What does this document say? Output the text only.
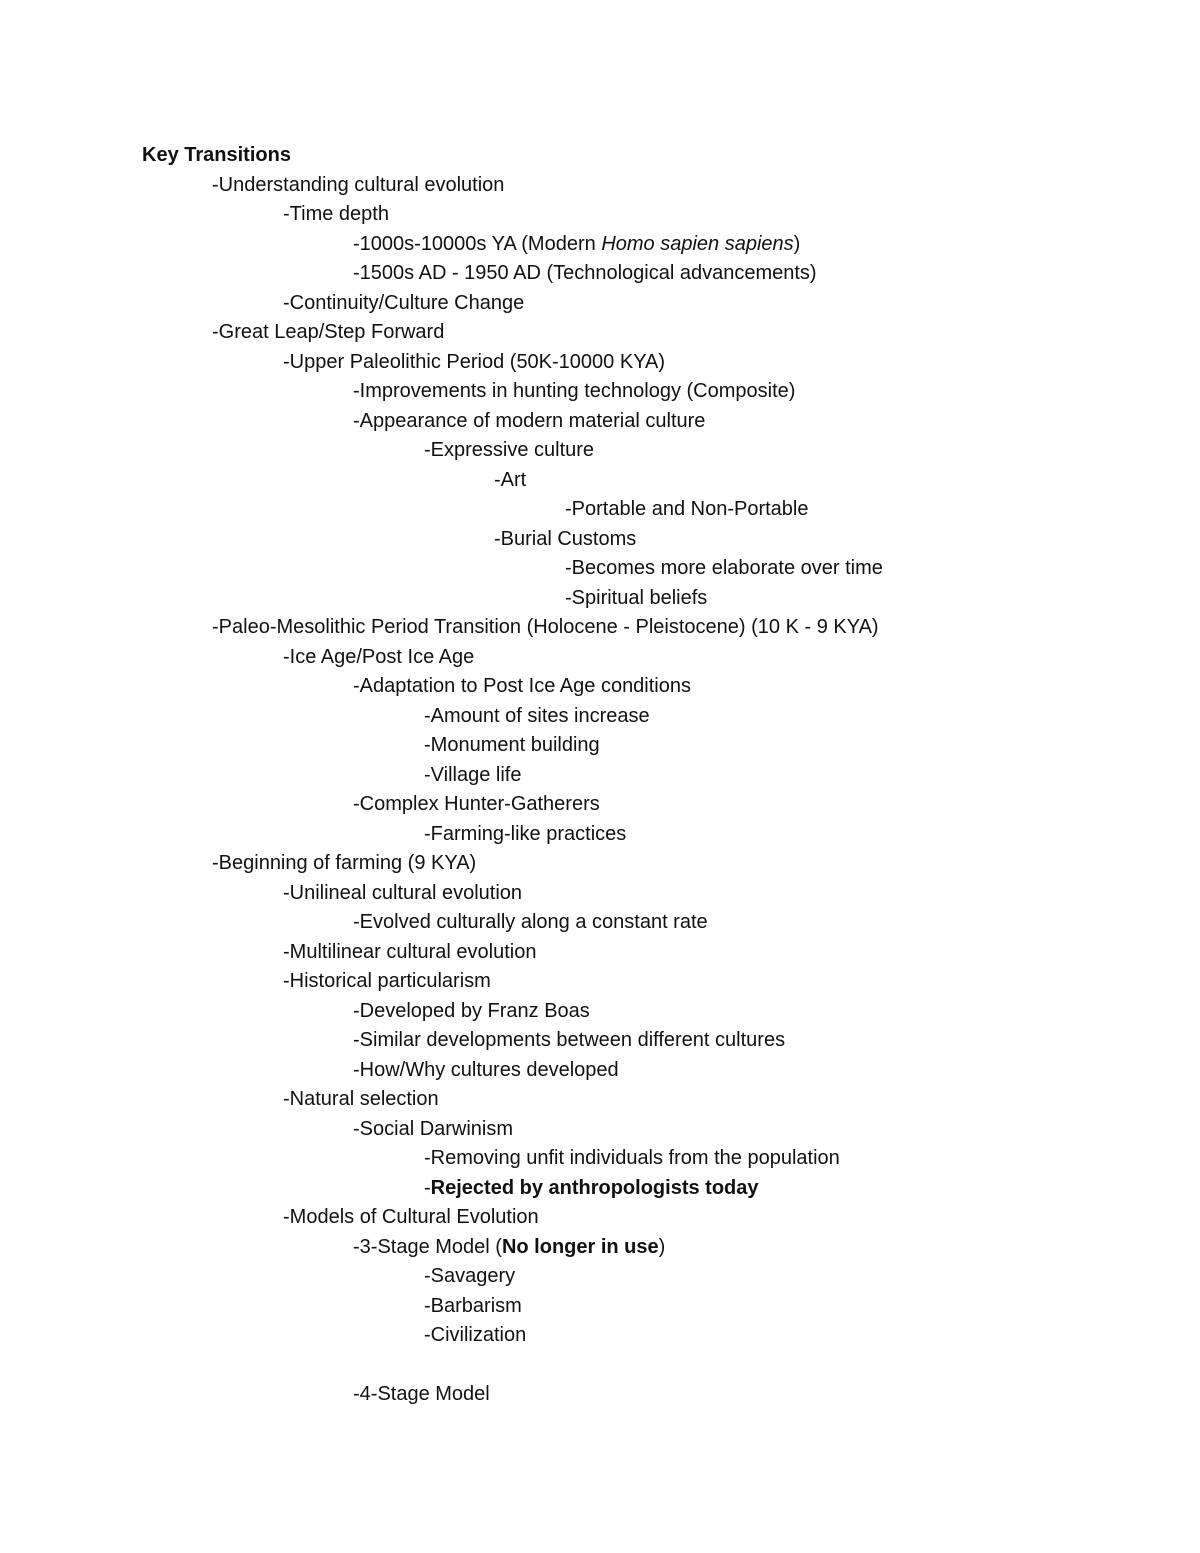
Key Transitions
-Understanding cultural evolution
-Time depth
-1000s-10000s YA (Modern Homo sapien sapiens)
-1500s AD - 1950 AD (Technological advancements)
-Continuity/Culture Change
-Great Leap/Step Forward
-Upper Paleolithic Period (50K-10000 KYA)
-Improvements in hunting technology (Composite)
-Appearance of modern material culture
-Expressive culture
-Art
-Portable and Non-Portable
-Burial Customs
-Becomes more elaborate over time
-Spiritual beliefs
-Paleo-Mesolithic Period Transition (Holocene - Pleistocene) (10 K - 9 KYA)
-Ice Age/Post Ice Age
-Adaptation to Post Ice Age conditions
-Amount of sites increase
-Monument building
-Village life
-Complex Hunter-Gatherers
-Farming-like practices
-Beginning of farming (9 KYA)
-Unilineal cultural evolution
-Evolved culturally along a constant rate
-Multilinear cultural evolution
-Historical particularism
-Developed by Franz Boas
-Similar developments between different cultures
-How/Why cultures developed
-Natural selection
-Social Darwinism
-Removing unfit individuals from the population
-Rejected by anthropologists today
-Models of Cultural Evolution
-3-Stage Model (No longer in use)
-Savagery
-Barbarism
-Civilization
-4-Stage Model
